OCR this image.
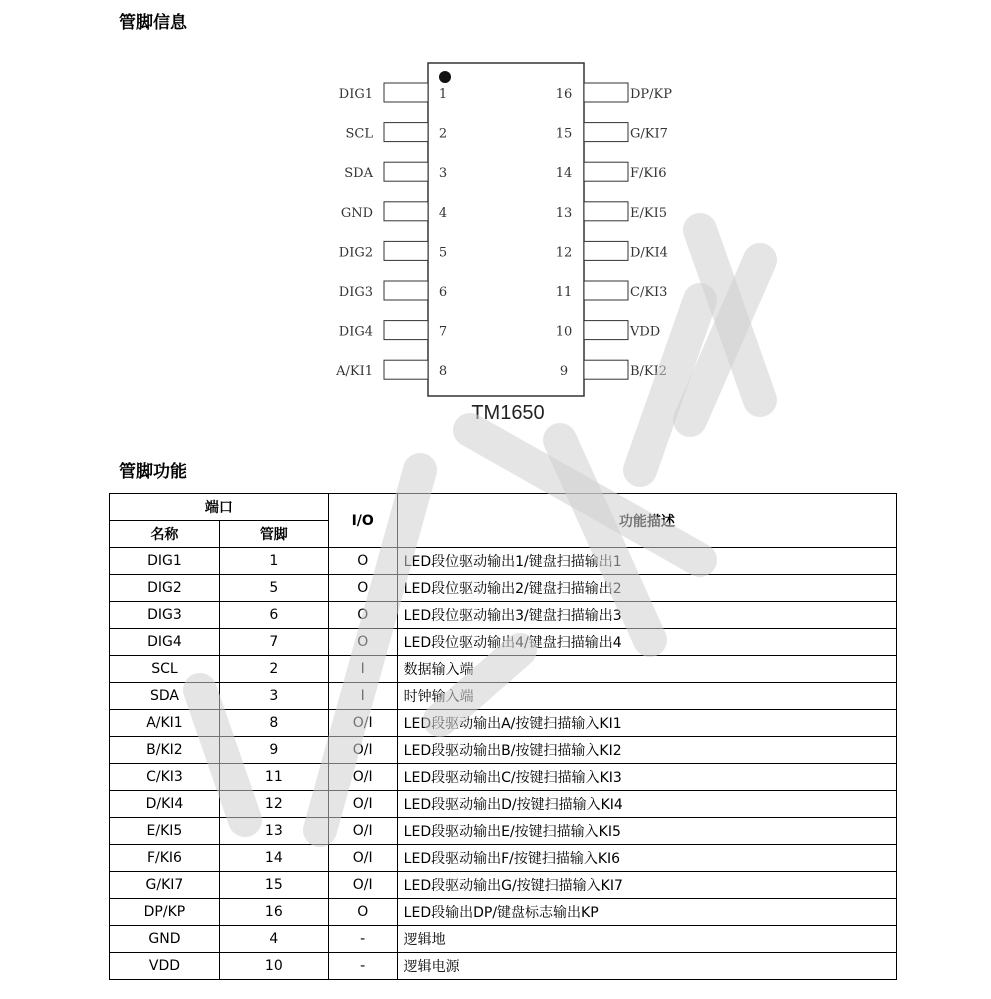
管脚信息
DIG1	1
SCL	2
SDA	3
GND	4
DIG2	5
DIG3	6
DIG4	7
A/KI1	8
DP/KP
16
G/KI7
15
F/KI6
14
E/KI5
13
D/KI4
12
C/KI3
11
VDD
10
B/KI2
9
TM1650
管脚功能
端口		I/O	功能描述
名称	管脚		
DIG1	1	O	LED段位驱动输出1/键盘扫描输出1
DIG2	5	O	LED段位驱动输出2/键盘扫描输出2
DIG3	6	O	LED段位驱动输出3/键盘扫描输出3
DIG4	7	O	LED段位驱动输出4/键盘扫描输出4
SCL	2	I	数据输入端
SDA	3	I	时钟输入端
A/KI1	8	O/I	LED段驱动输出A/按键扫描输入KI1
B/KI2	9	O/I	LED段驱动输出B/按键扫描输入KI2
C/KI3	11	O/I	LED段驱动输出C/按键扫描输入KI3
D/KI4	12	O/I	LED段驱动输出D/按键扫描输入KI4
E/KI5	13	O/I	LED段驱动输出E/按键扫描输入KI5
F/KI6	14	O/I	LED段驱动输出F/按键扫描输入KI6
G/KI7	15	O/I	LED段驱动输出G/按键扫描输入KI7
DP/KP	16	O	LED段输出DP/键盘标志输出KP
GND	4	-	逻辑地
VDD	10	-	逻辑电源
